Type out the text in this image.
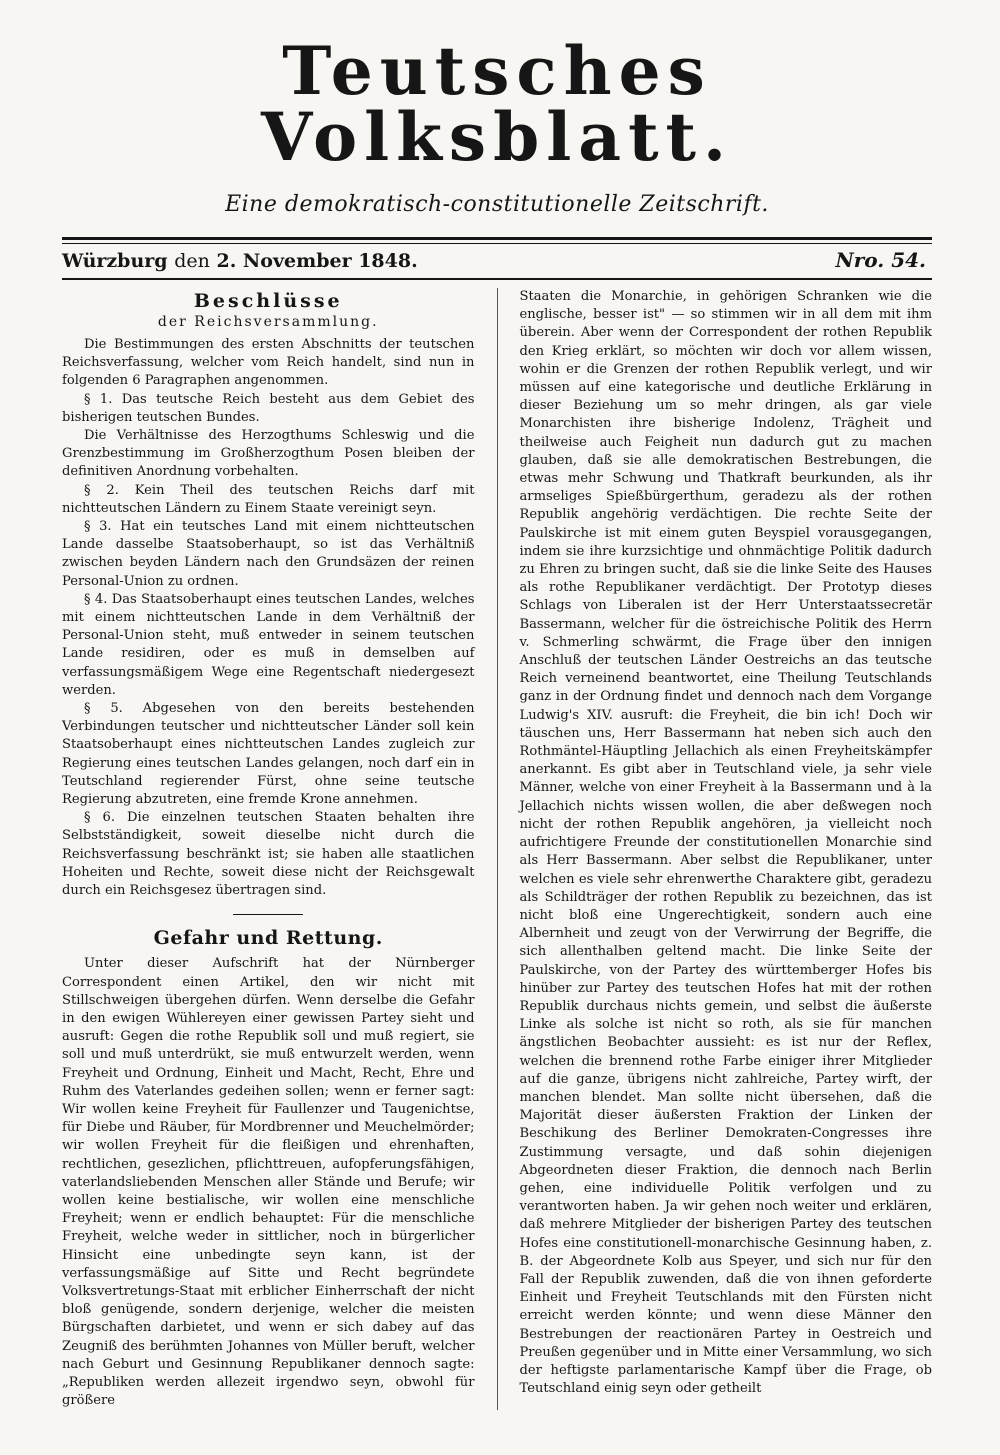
Teutsches Volksblatt.
Eine demokratisch-constitutionelle Zeitschrift.
Würzburg den 2. November 1848.	Nro. 54.
Beschlüsse
der Reichsversammlung.

Die Bestimmungen des ersten Abschnitts der teutschen Reichsverfassung, welcher vom Reich handelt, sind nun in folgenden 6 Paragraphen angenommen.

§ 1. Das teutsche Reich besteht aus dem Gebiet des bisherigen teutschen Bundes.

Die Verhältnisse des Herzogthums Schleswig und die Grenzbestimmung im Großherzogthum Posen bleiben der definitiven Anordnung vorbehalten.

§ 2. Kein Theil des teutschen Reichs darf mit nichtteutschen Ländern zu Einem Staate vereinigt seyn.

§ 3. Hat ein teutsches Land mit einem nichtteutschen Lande dasselbe Staatsoberhaupt, so ist das Verhältniß zwischen beyden Ländern nach den Grundsäzen der reinen Personal-Union zu ordnen.

§ 4. Das Staatsoberhaupt eines teutschen Landes, welches mit einem nichtteutschen Lande in dem Verhältniß der Personal-Union steht, muß entweder in seinem teutschen Lande residiren, oder es muß in demselben auf verfassungsmäßigem Wege eine Regentschaft niedergesezt werden.

§ 5. Abgesehen von den bereits bestehenden Verbindungen teutscher und nichtteutscher Länder soll kein Staatsoberhaupt eines nichtteutschen Landes zugleich zur Regierung eines teutschen Landes gelangen, noch darf ein in Teutschland regierender Fürst, ohne seine teutsche Regierung abzutreten, eine fremde Krone annehmen.

§ 6. Die einzelnen teutschen Staaten behalten ihre Selbstständigkeit, soweit dieselbe nicht durch die Reichsverfassung beschränkt ist; sie haben alle staatlichen Hoheiten und Rechte, soweit diese nicht der Reichsgewalt durch ein Reichsgesez übertragen sind.

Gefahr und Rettung.

Unter dieser Aufschrift hat der Nürnberger Correspondent einen Artikel, den wir nicht mit Stillschweigen übergehen dürfen. Wenn derselbe die Gefahr in den ewigen Wühlereyen einer gewissen Partey sieht und ausruft: Gegen die rothe Republik soll und muß regiert, sie soll und muß unterdrükt, sie muß entwurzelt werden, wenn Freyheit und Ordnung, Einheit und Macht, Recht, Ehre und Ruhm des Vaterlandes gedeihen sollen; wenn er ferner sagt: Wir wollen keine Freyheit für Faullenzer und Taugenichtse, für Diebe und Räuber, für Mordbrenner und Meuchelmörder; wir wollen Freyheit für die fleißigen und ehrenhaften, rechtlichen, gesezlichen, pflichttreuen, aufopferungsfähigen, vaterlandsliebenden Menschen aller Stände und Berufe; wir wollen keine bestialische, wir wollen eine menschliche Freyheit; wenn er endlich behauptet: Für die menschliche Freyheit, welche weder in sittlicher, noch in bürgerlicher Hinsicht eine unbedingte seyn kann, ist der verfassungsmäßige auf Sitte und Recht begründete Volksvertretungs-Staat mit erblicher Einherrschaft der nicht bloß genügende, sondern derjenige, welcher die meisten Bürgschaften darbietet, und wenn er sich dabey auf das Zeugniß des berühmten Johannes von Müller beruft, welcher nach Geburt und Gesinnung Republikaner dennoch sagte: „Republiken werden allezeit irgendwo seyn, obwohl für größere

Staaten die Monarchie, in gehörigen Schranken wie die englische, besser ist" — so stimmen wir in all dem mit ihm überein. Aber wenn der Correspondent der rothen Republik den Krieg erklärt, so möchten wir doch vor allem wissen, wohin er die Grenzen der rothen Republik verlegt, und wir müssen auf eine kategorische und deutliche Erklärung in dieser Beziehung um so mehr dringen, als gar viele Monarchisten ihre bisherige Indolenz, Trägheit und theilweise auch Feigheit nun dadurch gut zu machen glauben, daß sie alle demokratischen Bestrebungen, die etwas mehr Schwung und Thatkraft beurkunden, als ihr armseliges Spießbürgerthum, geradezu als der rothen Republik angehörig verdächtigen. Die rechte Seite der Paulskirche ist mit einem guten Beyspiel vorausgegangen, indem sie ihre kurzsichtige und ohnmächtige Politik dadurch zu Ehren zu bringen sucht, daß sie die linke Seite des Hauses als rothe Republikaner verdächtigt. Der Prototyp dieses Schlags von Liberalen ist der Herr Unterstaatssecretär Bassermann, welcher für die östreichische Politik des Herrn v. Schmerling schwärmt, die Frage über den innigen Anschluß der teutschen Länder Oestreichs an das teutsche Reich verneinend beantwortet, eine Theilung Teutschlands ganz in der Ordnung findet und dennoch nach dem Vorgange Ludwig's XIV. ausruft: die Freyheit, die bin ich! Doch wir täuschen uns, Herr Bassermann hat neben sich auch den Rothmäntel-Häuptling Jellachich als einen Freyheitskämpfer anerkannt. Es gibt aber in Teutschland viele, ja sehr viele Männer, welche von einer Freyheit à la Bassermann und à la Jellachich nichts wissen wollen, die aber deßwegen noch nicht der rothen Republik angehören, ja vielleicht noch aufrichtigere Freunde der constitutionellen Monarchie sind als Herr Bassermann. Aber selbst die Republikaner, unter welchen es viele sehr ehrenwerthe Charaktere gibt, geradezu als Schildträger der rothen Republik zu bezeichnen, das ist nicht bloß eine Ungerechtigkeit, sondern auch eine Albernheit und zeugt von der Verwirrung der Begriffe, die sich allenthalben geltend macht. Die linke Seite der Paulskirche, von der Partey des württemberger Hofes bis hinüber zur Partey des teutschen Hofes hat mit der rothen Republik durchaus nichts gemein, und selbst die äußerste Linke als solche ist nicht so roth, als sie für manchen ängstlichen Beobachter aussieht: es ist nur der Reflex, welchen die brennend rothe Farbe einiger ihrer Mitglieder auf die ganze, übrigens nicht zahlreiche, Partey wirft, der manchen blendet. Man sollte nicht übersehen, daß die Majorität dieser äußersten Fraktion der Linken der Beschikung des Berliner Demokraten-Congresses ihre Zustimmung versagte, und daß sohin diejenigen Abgeordneten dieser Fraktion, die dennoch nach Berlin gehen, eine individuelle Politik verfolgen und zu verantworten haben. Ja wir gehen noch weiter und erklären, daß mehrere Mitglieder der bisherigen Partey des teutschen Hofes eine constitutionell-monarchische Gesinnung haben, z. B. der Abgeordnete Kolb aus Speyer, und sich nur für den Fall der Republik zuwenden, daß die von ihnen geforderte Einheit und Freyheit Teutschlands mit den Fürsten nicht erreicht werden könnte; und wenn diese Männer den Bestrebungen der reactionären Partey in Oestreich und Preußen gegenüber und in Mitte einer Versammlung, wo sich der heftigste parlamentarische Kampf über die Frage, ob Teutschland einig seyn oder getheilt
